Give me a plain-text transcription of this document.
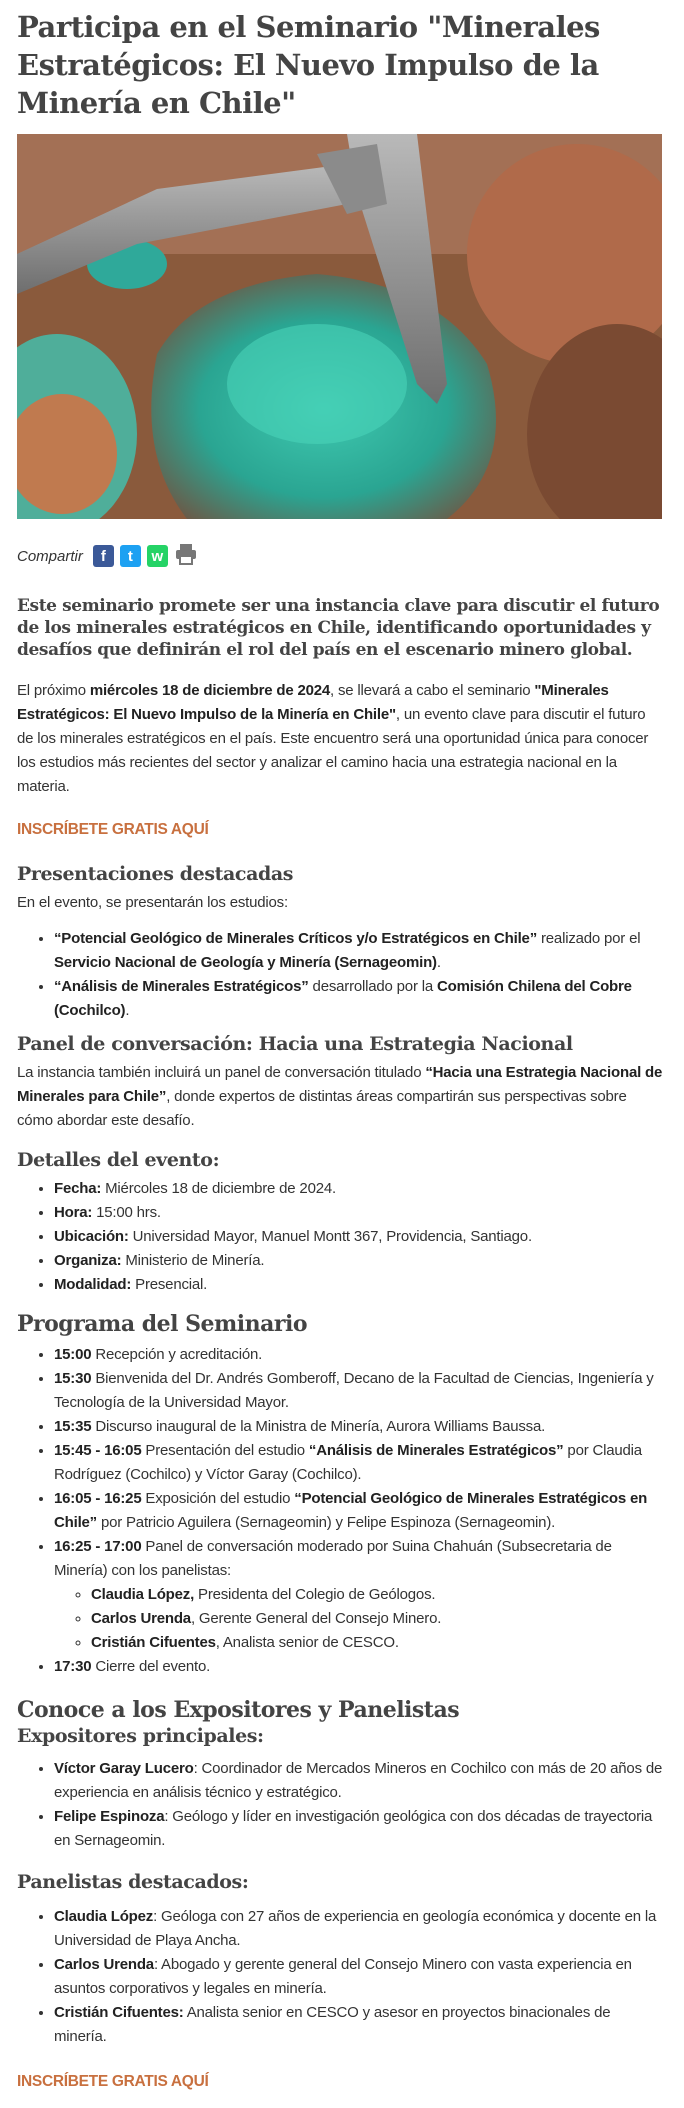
Participa en el Seminario "Minerales Estratégicos: El Nuevo Impulso de la Minería en Chile"
Compartir	f	t	w
Este seminario promete ser una instancia clave para discutir el futuro de los minerales estratégicos en Chile, identificando oportunidades y desafíos que definirán el rol del país en el escenario minero global.

El próximo miércoles 18 de diciembre de 2024, se llevará a cabo el seminario "Minerales Estratégicos: El Nuevo Impulso de la Minería en Chile", un evento clave para discutir el futuro de los minerales estratégicos en el país. Este encuentro será una oportunidad única para conocer los estudios más recientes del sector y analizar el camino hacia una estrategia nacional en la materia.

INSCRÍBETE GRATIS AQUÍ
Presentaciones destacadas

En el evento, se presentarán los estudios:

• “Potencial Geológico de Minerales Críticos y/o Estratégicos en Chile” realizado por el Servicio Nacional de Geología y Minería (Sernageomin).
• “Análisis de Minerales Estratégicos” desarrollado por la Comisión Chilena del Cobre (Cochilco).
Panel de conversación: Hacia una Estrategia Nacional

La instancia también incluirá un panel de conversación titulado “Hacia una Estrategia Nacional de Minerales para Chile”, donde expertos de distintas áreas compartirán sus perspectivas sobre cómo abordar este desafío.

Detalles del evento:
• Fecha: Miércoles 18 de diciembre de 2024.
• Hora: 15:00 hrs.
• Ubicación: Universidad Mayor, Manuel Montt 367, Providencia, Santiago.
• Organiza: Ministerio de Minería.
• Modalidad: Presencial.
Programa del Seminario
• 15:00 Recepción y acreditación.
• 15:30 Bienvenida del Dr. Andrés Gomberoff, Decano de la Facultad de Ciencias, Ingeniería y Tecnología de la Universidad Mayor.
• 15:35 Discurso inaugural de la Ministra de Minería, Aurora Williams Baussa.
• 15:45 - 16:05 Presentación del estudio “Análisis de Minerales Estratégicos” por Claudia Rodríguez (Cochilco) y Víctor Garay (Cochilco).
• 16:05 - 16:25 Exposición del estudio “Potencial Geológico de Minerales Estratégicos en Chile” por Patricio Aguilera (Sernageomin) y Felipe Espinoza (Sernageomin).
• 16:25 - 17:00 Panel de conversación moderado por Suina Chahuán (Subsecretaria de Minería) con los panelistas:
◦ Claudia López, Presidenta del Colegio de Geólogos.
◦ Carlos Urenda, Gerente General del Consejo Minero.
◦ Cristián Cifuentes, Analista senior de CESCO.
• 17:30 Cierre del evento.
Conoce a los Expositores y Panelistas
Expositores principales:
• Víctor Garay Lucero: Coordinador de Mercados Mineros en Cochilco con más de 20 años de experiencia en análisis técnico y estratégico.
• Felipe Espinoza: Geólogo y líder en investigación geológica con dos décadas de trayectoria en Sernageomin.
Panelistas destacados:
• Claudia López: Geóloga con 27 años de experiencia en geología económica y docente en la Universidad de Playa Ancha.
• Carlos Urenda: Abogado y gerente general del Consejo Minero con vasta experiencia en asuntos corporativos y legales en minería.
• Cristián Cifuentes: Analista senior en CESCO y asesor en proyectos binacionales de minería.
INSCRÍBETE GRATIS AQUÍ
